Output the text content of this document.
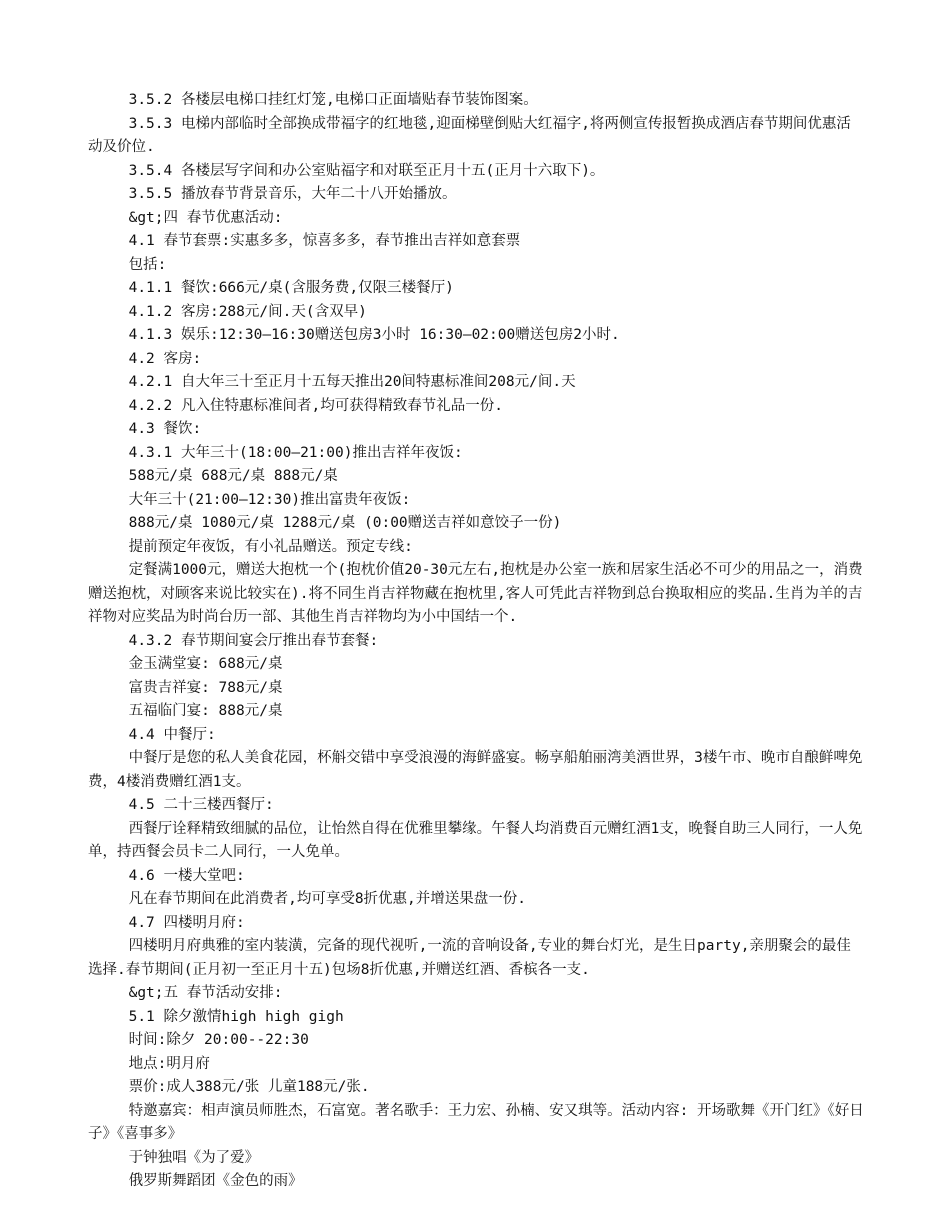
3.5.2 各楼层电梯口挂红灯笼,电梯口正面墙贴春节装饰图案。

3.5.3 电梯内部临时全部换成带福字的红地毯,迎面梯壁倒贴大红福字,将两侧宣传报暂换成酒店春节期间优惠活动及价位.

3.5.4 各楼层写字间和办公室贴福字和对联至正月十五(正月十六取下)。

3.5.5 播放春节背景音乐，大年二十八开始播放。

&gt;四 春节优惠活动:

4.1 春节套票:实惠多多，惊喜多多，春节推出吉祥如意套票

包括:

4.1.1 餐饮:666元/桌(含服务费,仅限三楼餐厅)

4.1.2 客房:288元/间.天(含双早)

4.1.3 娱乐:12:30—16:30赠送包房3小时 16:30—02:00赠送包房2小时.

4.2 客房:

4.2.1 自大年三十至正月十五每天推出20间特惠标准间208元/间.天

4.2.2 凡入住特惠标准间者,均可获得精致春节礼品一份.

4.3 餐饮:

4.3.1 大年三十(18:00—21:00)推出吉祥年夜饭:

588元/桌 688元/桌 888元/桌

大年三十(21:00—12:30)推出富贵年夜饭:

888元/桌 1080元/桌 1288元/桌 (0:00赠送吉祥如意饺子一份)

提前预定年夜饭，有小礼品赠送。预定专线:

定餐满1000元，赠送大抱枕一个(抱枕价值20-30元左右,抱枕是办公室一族和居家生活必不可少的用品之一，消费赠送抱枕，对顾客来说比较实在).将不同生肖吉祥物藏在抱枕里,客人可凭此吉祥物到总台换取相应的奖品.生肖为羊的吉祥物对应奖品为时尚台历一部、其他生肖吉祥物均为小中国结一个.

4.3.2 春节期间宴会厅推出春节套餐:

金玉满堂宴: 688元/桌

富贵吉祥宴: 788元/桌

五福临门宴: 888元/桌

4.4 中餐厅:

中餐厅是您的私人美食花园，杯斛交错中享受浪漫的海鲜盛宴。畅享船舶丽湾美酒世界，3楼午市、晚市自酿鲜啤免费，4楼消费赠红酒1支。

4.5 二十三楼西餐厅:

西餐厅诠释精致细腻的品位，让怡然自得在优雅里攀缘。午餐人均消费百元赠红酒1支，晚餐自助三人同行，一人免单，持西餐会员卡二人同行，一人免单。

4.6 一楼大堂吧:

凡在春节期间在此消费者,均可享受8折优惠,并增送果盘一份.

4.7 四楼明月府:

四楼明月府典雅的室内装潢，完备的现代视听,一流的音响设备,专业的舞台灯光，是生日party,亲朋聚会的最佳选择.春节期间(正月初一至正月十五)包场8折优惠,并赠送红酒、香槟各一支.

&gt;五 春节活动安排:

5.1 除夕激情high high gigh

时间:除夕 20:00--22:30

地点:明月府

票价:成人388元/张 儿童188元/张.

特邀嘉宾：相声演员师胜杰，石富宽。著名歌手：王力宏、孙楠、安又琪等。活动内容: 开场歌舞《开门红》《好日子》《喜事多》

于钟独唱《为了爱》

俄罗斯舞蹈团《金色的雨》
